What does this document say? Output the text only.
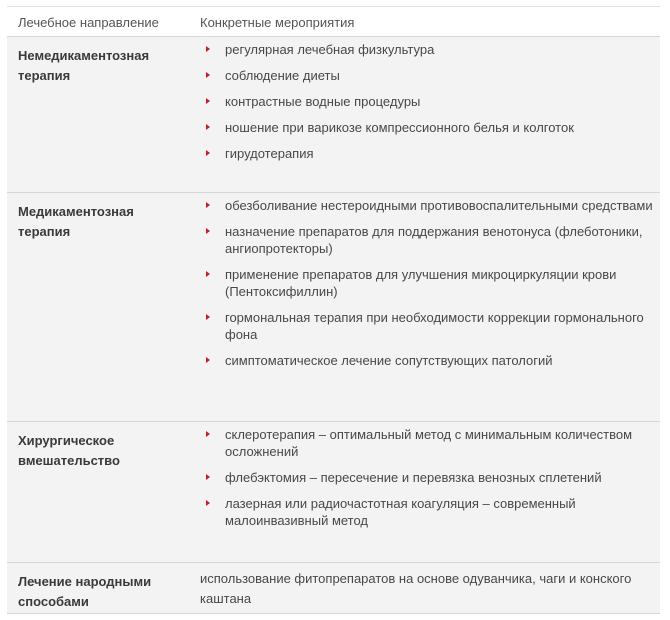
Лечебное направление	Конкретные мероприятия
Немедикаментозная терапия
регулярная лечебная физкультура
соблюдение диеты
контрастные водные процедуры
ношение при варикозе компрессионного белья и колготок
гирудотерапия
Медикаментозная терапия
обезболивание нестероидными противовоспалительными средствами
назначение препаратов для поддержания венотонуса (флеботоники, ангиопротекторы)
применение препаратов для улучшения микроциркуляции крови (Пентоксифиллин)
гормональная терапия при необходимости коррекции гормонального фона
симптоматическое лечение сопутствующих патологий
Хирургическое вмешательство
склеротерапия – оптимальный метод с минимальным количеством осложнений
флебэктомия – пересечение и перевязка венозных сплетений
лазерная или радиочастотная коагуляция – современный малоинвазивный метод
Лечение народными способами
использование фитопрепаратов на основе одуванчика, чаги и конского каштана
